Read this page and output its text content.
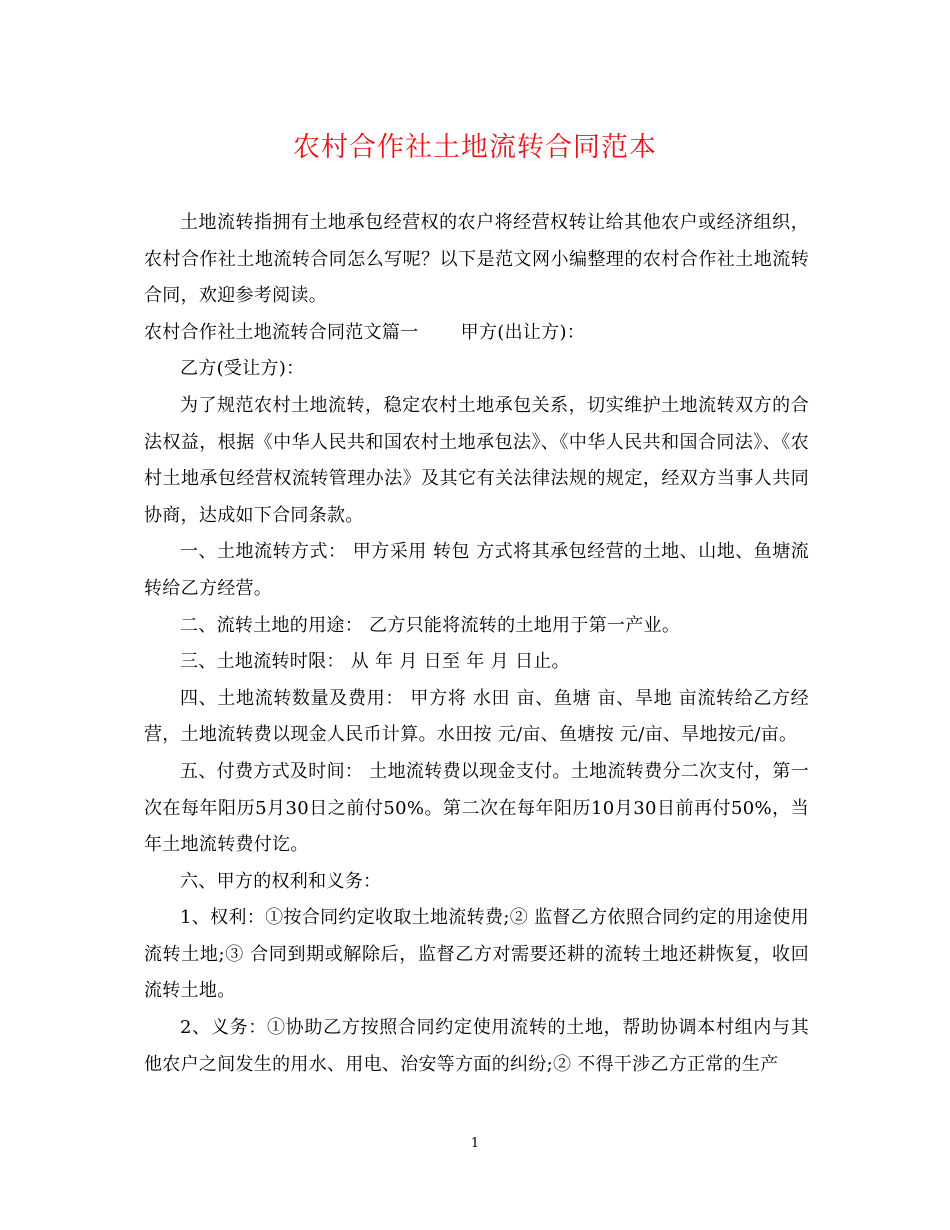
农村合作社土地流转合同范本

土地流转指拥有土地承包经营权的农户将经营权转让给其他农户或经济组织，农村合作社土地流转合同怎么写呢？以下是范文网小编整理的农村合作社土地流转合同，欢迎参考阅读。

农村合作社土地流转合同范文篇一 甲方(出让方)：

乙方(受让方)：

为了规范农村土地流转，稳定农村土地承包关系，切实维护土地流转双方的合法权益，根据《中华人民共和国农村土地承包法》、《中华人民共和国合同法》、《农村土地承包经营权流转管理办法》及其它有关法律法规的规定，经双方当事人共同协商，达成如下合同条款。

一、土地流转方式： 甲方采用 转包 方式将其承包经营的土地、山地、鱼塘流转给乙方经营。

二、流转土地的用途： 乙方只能将流转的土地用于第一产业。

三、土地流转时限： 从 年 月 日至 年 月 日止。

四、土地流转数量及费用： 甲方将 水田 亩、鱼塘 亩、旱地 亩流转给乙方经营，土地流转费以现金人民币计算。水田按 元/亩、鱼塘按 元/亩、旱地按元/亩。

五、付费方式及时间： 土地流转费以现金支付。土地流转费分二次支付，第一次在每年阳历5月30日之前付50%。第二次在每年阳历10月30日前再付50%，当年土地流转费付讫。

六、甲方的权利和义务：

1、权利：①按合同约定收取土地流转费;② 监督乙方依照合同约定的用途使用流转土地;③ 合同到期或解除后，监督乙方对需要还耕的流转土地还耕恢复，收回流转土地。

2、义务：①协助乙方按照合同约定使用流转的土地，帮助协调本村组内与其他农户之间发生的用水、用电、治安等方面的纠纷;② 不得干涉乙方正常的生产

1
